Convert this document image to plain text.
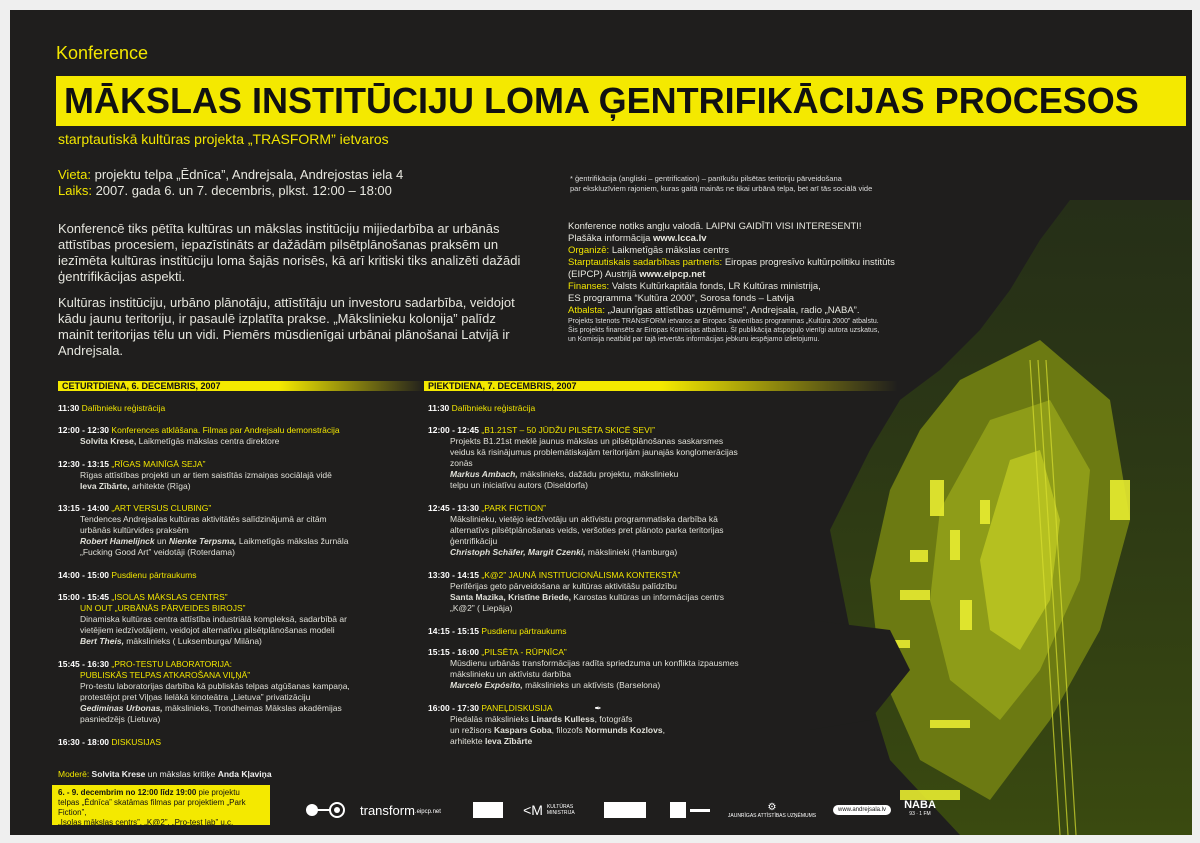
Konference
MĀKSLAS INSTITŪCIJU LOMA ĢENTRIFIKĀCIJAS PROCESOS
starptautiskā kultūras projekta „TRASFORM” ietvaros
Vieta: projektu telpa „Ēdnīca”, Andrejsala, Andrejostas iela 4
Laiks: 2007. gada 6. un 7. decembris, plkst. 12:00 – 18:00
* ģentrifikācija (angliski – gentrification) – panīkušu pilsētas teritoriju pārveidošana
par ekskluzīviem rajoniem, kuras gaitā mainās ne tikai urbānā telpa, bet arī tās sociālā vide
Konferencē tiks pētīta kultūras un mākslas institūciju mijiedarbība ar urbānās attīstības procesiem, iepazīstināts ar dažādām pilsētplānošanas praksēm un iezīmēta kultūras institūciju loma šajās norisēs, kā arī kritiski tiks analizēti dažādi ģentrifikācijas aspekti.
Kultūras institūciju, urbāno plānotāju, attīstītāju un investoru sadarbība, veidojot kādu jaunu teritoriju, ir pasaulē izplatīta prakse. „Mākslinieku kolonija” palīdz mainīt teritorijas tēlu un vidi. Piemērs mūsdienīgai urbānai plānošanai Latvijā ir Andrejsala.
Konference notiks angļu valodā. LAIPNI GAIDĪTI VISI INTERESENTI!
Plašāka informācija www.lcca.lv
Organizē: Laikmetīgās mākslas centrs
Starptautiskais sadarbības partneris: Eiropas progresīvo kultūrpolitiku institūts
(EIPCP) Austrijā www.eipcp.net
Finanses: Valsts Kultūrkapitāla fonds, LR Kultūras ministrija,
ES programma “Kultūra 2000”, Sorosa fonds – Latvija
Atbalsta: „Jaunrīgas attīstības uzņēmums”, Andrejsala, radio „NABA”.
Projekts īstenots TRANSFORM ietvaros ar Eiropas Savienības programmas „Kultūra 2000” atbalstu.
Šis projekts finansēts ar Eiropas Komisijas atbalstu. Šī publikācija atspoguļo vienīgi autora uzskatus,
un Komisija neatbild par tajā ietvertās informācijas jebkuru iespējamo izlietojumu.
CETURTDIENA, 6. DECEMBRIS, 2007
11:30 Dalībnieku reģistrācija
12:00 - 12:30 Konferences atklāšana. Filmas par Andrejsalu demonstrācija
Solvita Krese, Laikmetīgās mākslas centra direktore
12:30 - 13:15 „RĪGAS MAINĪGĀ SEJA”
Rīgas attīstības projekti un ar tiem saistītās izmaiņas sociālajā vidē
Ieva Zībārte, arhitekte (Rīga)
13:15 - 14:00 „ART VERSUS CLUBING”
Tendences Andrejsalas kultūras aktivitātēs salīdzinājumā ar citām
urbānās kultūrvides praksēm
Robert Hamelijnck un Nienke Terpsma, Laikmetīgās mākslas žurnāla
„Fucking Good Art” veidotāji (Roterdama)
14:00 - 15:00 Pusdienu pārtraukums
15:00 - 15:45 „ISOLAS MĀKSLAS CENTRS”
UN OUT „URBĀNĀS PĀRVEIDES BIROJS”
Dinamiska kultūras centra attīstība industriālā kompleksā, sadarbībā ar
vietējiem iedzīvotājiem, veidojot alternatīvu pilsētplānošanas modeli
Bert Theis, mākslinieks ( Luksemburga/ Milāna)
15:45 - 16:30 „PRO-TESTU LABORATORIJA:
PUBLISKĀS TELPAS ATKAROŠANA VIĻŅĀ”
Pro-testu laboratorijas darbība kā publiskās telpas atgūšanas kampaņa,
protestējot pret Viļņas lielākā kinoteātra „Lietuva” privatizāciju
Gediminas Urbonas, mākslinieks, Trondheimas Mākslas akadēmijas
pasniedzējs (Lietuva)
16:30 - 18:00 DISKUSIJAS
PIEKTDIENA, 7. DECEMBRIS, 2007
11:30 Dalībnieku reģistrācija
12:00 - 12:45 „B1.21ST – 50 JŪDŽU PILSĒTA SKICĒ SEVI”
Projekts B1.21st meklē jaunus mākslas un pilsētplānošanas saskarsmes
veidus kā risinājumus problemātiskajām teritorijām jaunajās konglomerācijas
zonās
Markus Ambach, mākslinieks, dažādu projektu, mākslinieku
telpu un iniciatīvu autors (Diseldorfa)
12:45 - 13:30 „PARK FICTION”
Mākslinieku, vietējo iedzīvotāju un aktīvistu programmatiska darbība kā
alternatīvs pilsētplānošanas veids, veršoties pret plānoto parka teritorijas
ģentrifikāciju
Christoph Schäfer, Margit Czenki, mākslinieki (Hamburga)
13:30 - 14:15 „K@2” JAUNĀ INSTITUCIONĀLISMA KONTEKSTĀ”
Perifērijas geto pārveidošana ar kultūras aktivitāšu palīdzību
Santa Mazika, Kristīne Briede, Karostas kultūras un informācijas centrs
„K@2” ( Liepāja)
14:15 - 15:15 Pusdienu pārtraukums
15:15 - 16:00 „PILSĒTA - RŪPNĪCA”
Mūsdienu urbānās transformācijas radīta spriedzuma un konflikta izpausmes
mākslinieku un aktīvistu darbība
Marcelo Expósito, mākslinieks un aktīvists (Barselona)
16:00 - 17:30 PANEĻDISKUSIJA	✒
Piedalās mākslinieks Linards Kulless, fotogrāfs
un režisors Kaspars Goba, filozofs Normunds Kozlovs,
arhitekte Ieva Zībārte
Moderē: Solvita Krese un mākslas kritiķe Anda Kļaviņa
6. - 9. decembrim no 12:00 līdz 19:00 pie projektu
telpas „Ēdnīca” skatāmas filmas par projektiem „Park Fiction”,
„Isolas mākslas centrs”, „K@2”, „Pro-test lab” u.c.
transform .eipcp.net	<M KULTŪRAS MINISTRIJA
⚙
JAUNRĪGAS ATTĪSTĪBAS UZŅĒMUMS
www.andrejsala.lv	NABA
93 · 1 FM
